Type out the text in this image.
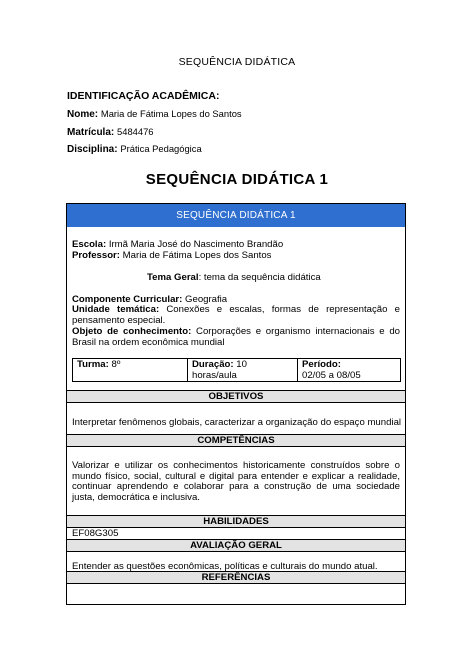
SEQUÊNCIA DIDÁTICA
IDENTIFICAÇÃO ACADÊMICA:
Nome: Maria de Fátima Lopes do Santos
Matrícula: 5484476
Disciplina: Prática Pedagógica
SEQUÊNCIA DIDÁTICA 1
SEQUÊNCIA DIDÁTICA 1
Escola: Irmã Maria José do Nascimento Brandão
Professor: Maria de Fátima Lopes dos Santos
Tema Geral: tema da sequência didática
Componente Curricular: Geografia
Unidade temática: Conexões e escalas, formas de representação e pensamento especial.
Objeto de conhecimento: Corporações e organismo internacionais e do Brasil na ordem econômica mundial
Turma: 8º	Duração: 10 horas/aula
Período:
02/05 a 08/05
OBJETIVOS
Interpretar fenômenos globais, caracterizar a organização do espaço mundial
COMPETÊNCIAS
Valorizar e utilizar os conhecimentos historicamente construídos sobre o mundo físico, social, cultural e digital para entender e explicar a realidade, continuar aprendendo e colaborar para a construção de uma sociedade justa, democrática e inclusiva.
HABILIDADES
EF08G305
AVALIAÇÃO GERAL
Entender as questões econômicas, políticas e culturais do mundo atual.
REFERÊNCIAS
